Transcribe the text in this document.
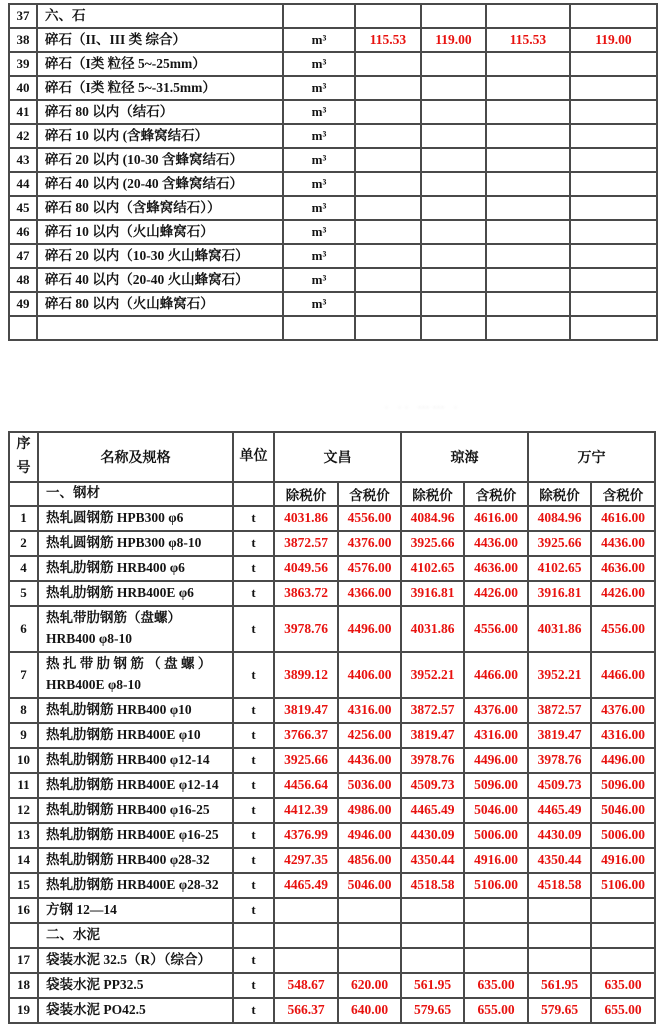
37	六、石					
38	碎石（II、III 类 综合）	m³	115.53	119.00	115.53	119.00
39	碎石（I类 粒径 5~-25mm）	m³				
40	碎石（I类 粒径 5~-31.5mm）	m³				
41	碎石 80 以内（结石）	m³				
42	碎石 10 以内 (含蜂窝结石）	m³				
43	碎石 20 以内 (10-30 含蜂窝结石）	m³				
44	碎石 40 以内 (20-40 含蜂窝结石）	m³				
45	碎石 80 以内（含蜂窝结石））	m³				
46	碎石 10 以内（火山蜂窝石）	m³				
47	碎石 20 以内（10-30 火山蜂窝石）	m³				
48	碎石 40 以内（20-40 火山蜂窝石）	m³				
49	碎石 80 以内（火山蜂窝石）	m³				

· ·· ⋯⋯ ·
序号	名称及规格	单位	文昌		琼海		万宁	
	一、钢材		除税价	含税价	除税价	含税价	除税价	含税价
1	热轧圆钢筋 HPB300 φ6	t	4031.86	4556.00	4084.96	4616.00	4084.96	4616.00
2	热轧圆钢筋 HPB300 φ8-10	t	3872.57	4376.00	3925.66	4436.00	3925.66	4436.00
4	热轧肋钢筋 HRB400 φ6	t	4049.56	4576.00	4102.65	4636.00	4102.65	4636.00
5	热轧肋钢筋 HRB400E φ6	t	3863.72	4366.00	3916.81	4426.00	3916.81	4426.00
6	热轧带肋钢筋（盘螺）HRB400 φ8-10	t	3978.76	4496.00	4031.86	4556.00	4031.86	4556.00
7	热 扎 带 肋 钢 筋 （ 盘 螺 ） HRB400E φ8-10	t	3899.12	4406.00	3952.21	4466.00	3952.21	4466.00
8	热轧肋钢筋 HRB400 φ10	t	3819.47	4316.00	3872.57	4376.00	3872.57	4376.00
9	热轧肋钢筋 HRB400E φ10	t	3766.37	4256.00	3819.47	4316.00	3819.47	4316.00
10	热轧肋钢筋 HRB400 φ12-14	t	3925.66	4436.00	3978.76	4496.00	3978.76	4496.00
11	热轧肋钢筋 HRB400E φ12-14	t	4456.64	5036.00	4509.73	5096.00	4509.73	5096.00
12	热轧肋钢筋 HRB400 φ16-25	t	4412.39	4986.00	4465.49	5046.00	4465.49	5046.00
13	热轧肋钢筋 HRB400E φ16-25	t	4376.99	4946.00	4430.09	5006.00	4430.09	5006.00
14	热轧肋钢筋 HRB400 φ28-32	t	4297.35	4856.00	4350.44	4916.00	4350.44	4916.00
15	热轧肋钢筋 HRB400E φ28-32	t	4465.49	5046.00	4518.58	5106.00	4518.58	5106.00
16	方钢 12—14	t						
	二、水泥							
17	袋装水泥 32.5（R）（综合）	t						
18	袋装水泥 PP32.5	t	548.67	620.00	561.95	635.00	561.95	635.00
19	袋装水泥 PO42.5	t	566.37	640.00	579.65	655.00	579.65	655.00
